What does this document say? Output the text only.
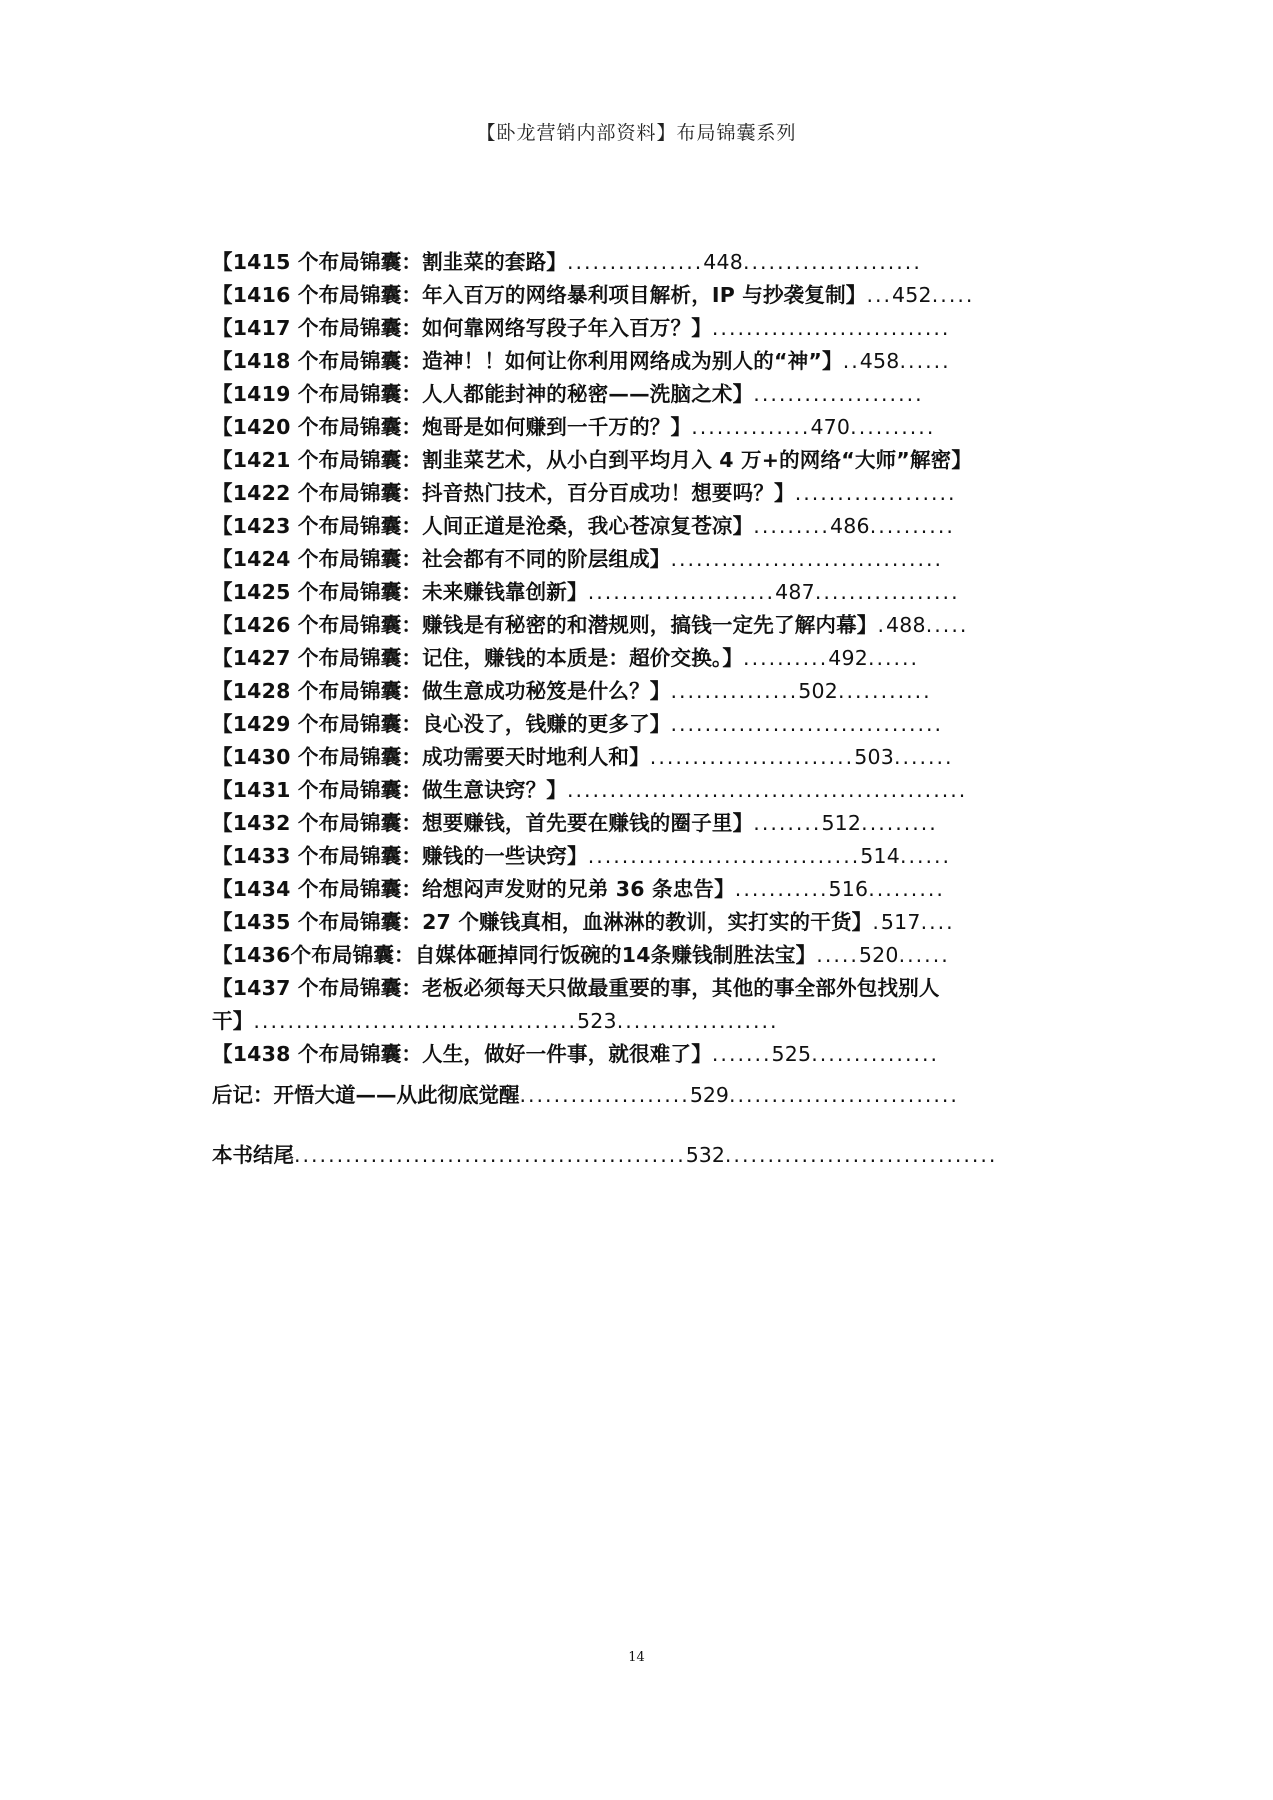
【卧龙营销内部资料】布局锦囊系列
【1415 个布局锦囊：割韭菜的套路】................448.....................
【1416 个布局锦囊：年入百万的网络暴利项目解析，IP 与抄袭复制】...452.....
【1417 个布局锦囊：如何靠网络写段子年入百万？】............................
【1418 个布局锦囊：造神！！如何让你利用网络成为别人的“神”】..458......
【1419 个布局锦囊：人人都能封神的秘密——洗脑之术】....................
【1420 个布局锦囊：炮哥是如何赚到一千万的？】..............470..........
【1421 个布局锦囊：割韭菜艺术，从小白到平均月入 4 万+的网络“大师”解密】
【1422 个布局锦囊：抖音热门技术，百分百成功！想要吗？】...................
【1423 个布局锦囊：人间正道是沧桑，我心苍凉复苍凉】.........486..........
【1424 个布局锦囊：社会都有不同的阶层组成】................................
【1425 个布局锦囊：未来赚钱靠创新】......................487.................
【1426 个布局锦囊：赚钱是有秘密的和潜规则，搞钱一定先了解内幕】.488.....
【1427 个布局锦囊：记住，赚钱的本质是：超价交换。】..........492......
【1428 个布局锦囊：做生意成功秘笈是什么？】...............502...........
【1429 个布局锦囊：良心没了，钱赚的更多了】................................
【1430 个布局锦囊：成功需要天时地利人和】........................503.......
【1431 个布局锦囊：做生意诀窍？】...............................................
【1432 个布局锦囊：想要赚钱，首先要在赚钱的圈子里】........512.........
【1433 个布局锦囊：赚钱的一些诀窍】................................514......
【1434 个布局锦囊：给想闷声发财的兄弟 36 条忠告】...........516.........
【1435 个布局锦囊：27 个赚钱真相，血淋淋的教训，实打实的干货】.517....
【1436个布局锦囊：自媒体砸掉同行饭碗的14条赚钱制胜法宝】.....520......
【1437 个布局锦囊：老板必须每天只做最重要的事，其他的事全部外包找别人
干】......................................523...................
【1438 个布局锦囊：人生，做好一件事，就很难了】.......525...............
后记：开悟大道——从此彻底觉醒....................529...........................
本书结尾..............................................532................................
14
